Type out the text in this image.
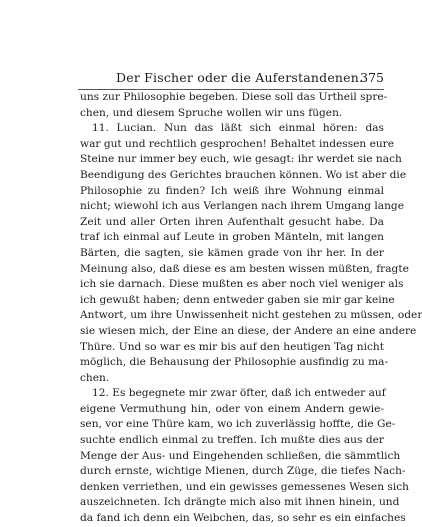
Der Fischer oder die Auferstandenen.
375
uns zur Philosophie begeben. Diese soll das Urtheil spre-
chen, und diesem Spruche wollen wir uns fügen.
11. Lucian. Nun das läßt sich einmal hören: das
war gut und rechtlich gesprochen! Behaltet indessen eure
Steine nur immer bey euch, wie gesagt: ihr werdet sie nach
Beendigung des Gerichtes brauchen können. Wo ist aber die
Philosophie zu finden? Ich weiß ihre Wohnung einmal
nicht; wiewohl ich aus Verlangen nach ihrem Umgang lange
Zeit und aller Orten ihren Aufenthalt gesucht habe. Da
traf ich einmal auf Leute in groben Mänteln, mit langen
Bärten, die sagten, sie kämen grade von ihr her. In der
Meinung also, daß diese es am besten wissen müßten, fragte
ich sie darnach. Diese mußten es aber noch viel weniger als
ich gewußt haben; denn entweder gaben sie mir gar keine
Antwort, um ihre Unwissenheit nicht gestehen zu müssen, oder
sie wiesen mich, der Eine an diese, der Andere an eine andere
Thüre. Und so war es mir bis auf den heutigen Tag nicht
möglich, die Behausung der Philosophie ausfindig zu ma-
chen.
12. Es begegnete mir zwar öfter, daß ich entweder auf
eigene Vermuthung hin, oder von einem Andern gewie-
sen, vor eine Thüre kam, wo ich zuverlässig hoffte, die Ge-
suchte endlich einmal zu treffen. Ich mußte dies aus der
Menge der Aus- und Eingehenden schließen, die sämmtlich
durch ernste, wichtige Mienen, durch Züge, die tiefes Nach-
denken verriethen, und ein gewisses gemessenes Wesen sich
auszeichneten. Ich drängte mich also mit ihnen hinein, und
da fand ich denn ein Weibchen, das, so sehr es ein einfaches
